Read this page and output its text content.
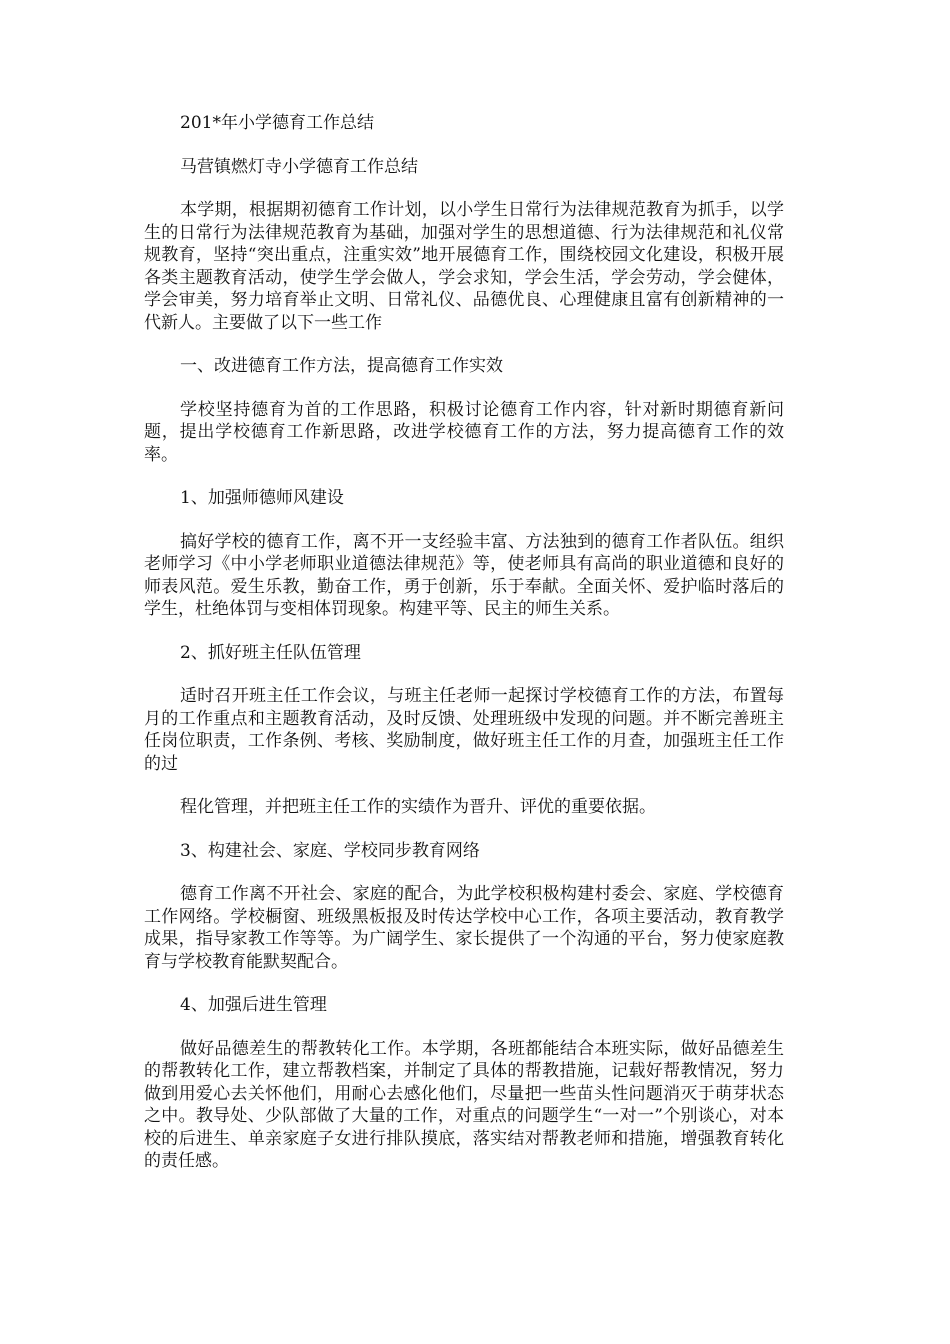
201*年小学德育工作总结

马营镇燃灯寺小学德育工作总结

本学期，根据期初德育工作计划，以小学生日常行为法律规范教育为抓手，以学生的日常行为法律规范教育为基础，加强对学生的思想道德、行为法律规范和礼仪常规教育，坚持“突出重点，注重实效”地开展德育工作，围绕校园文化建设，积极开展各类主题教育活动，使学生学会做人，学会求知，学会生活，学会劳动，学会健体，学会审美，努力培育举止文明、日常礼仪、品德优良、心理健康且富有创新精神的一代新人。主要做了以下一些工作

一、改进德育工作方法，提高德育工作实效

学校坚持德育为首的工作思路，积极讨论德育工作内容，针对新时期德育新问题，提出学校德育工作新思路，改进学校德育工作的方法，努力提高德育工作的效率。

1、加强师德师风建设

搞好学校的德育工作，离不开一支经验丰富、方法独到的德育工作者队伍。组织老师学习《中小学老师职业道德法律规范》等，使老师具有高尚的职业道德和良好的师表风范。爱生乐教，勤奋工作，勇于创新，乐于奉献。全面关怀、爱护临时落后的学生，杜绝体罚与变相体罚现象。构建平等、民主的师生关系。

2、抓好班主任队伍管理

适时召开班主任工作会议，与班主任老师一起探讨学校德育工作的方法，布置每月的工作重点和主题教育活动，及时反馈、处理班级中发现的问题。并不断完善班主任岗位职责，工作条例、考核、奖励制度，做好班主任工作的月查，加强班主任工作的过

程化管理，并把班主任工作的实绩作为晋升、评优的重要依据。

3、构建社会、家庭、学校同步教育网络

德育工作离不开社会、家庭的配合，为此学校积极构建村委会、家庭、学校德育工作网络。学校橱窗、班级黑板报及时传达学校中心工作，各项主要活动，教育教学成果，指导家教工作等等。为广阔学生、家长提供了一个沟通的平台，努力使家庭教育与学校教育能默契配合。

4、加强后进生管理

做好品德差生的帮教转化工作。本学期，各班都能结合本班实际，做好品德差生的帮教转化工作，建立帮教档案，并制定了具体的帮教措施，记载好帮教情况，努力做到用爱心去关怀他们，用耐心去感化他们，尽量把一些苗头性问题消灭于萌芽状态之中。教导处、少队部做了大量的工作，对重点的问题学生“一对一”个别谈心，对本校的后进生、单亲家庭子女进行排队摸底，落实结对帮教老师和措施，增强教育转化的责任感。
